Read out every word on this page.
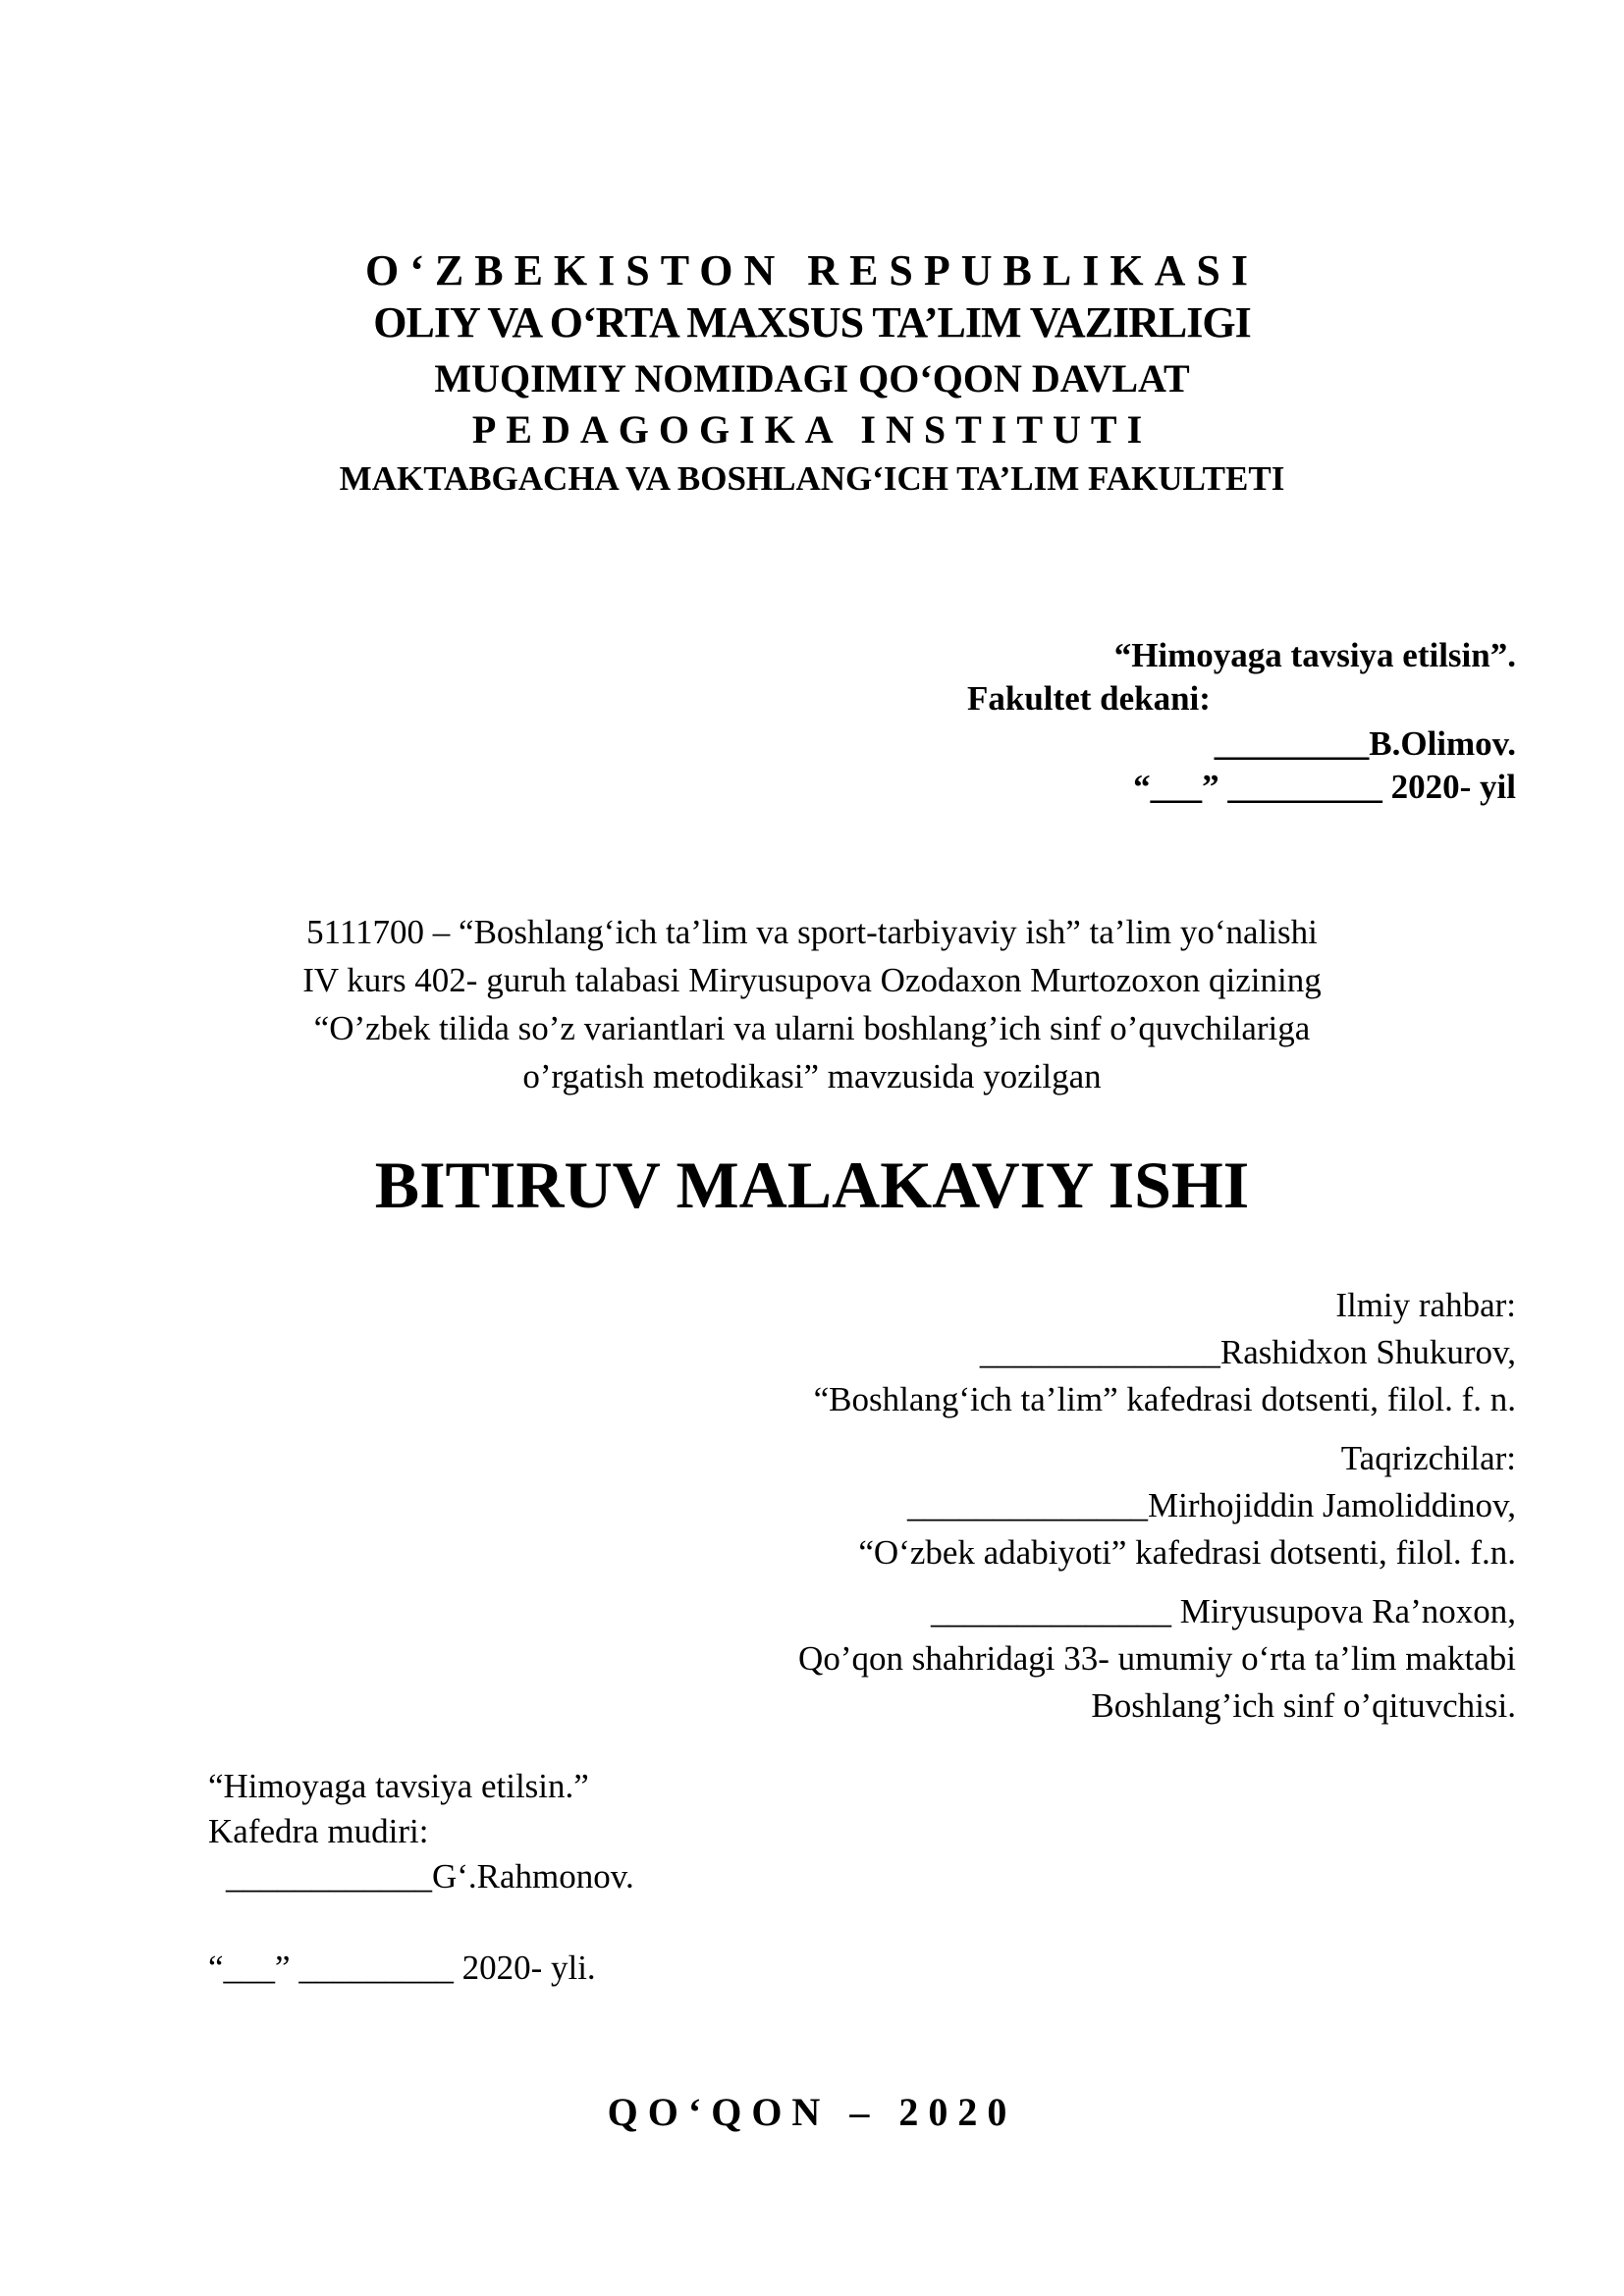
O‘ZBEKISTON RESPUBLIKASI
OLIY VA O‘RTA MAXSUS TA’LIM VAZIRLIGI
MUQIMIY NOMIDAGI QO‘QON DAVLAT
PEDAGOGIKA INSTITUTI
MAKTABGACHA VA BOSHLANG‘ICH TA’LIM FAKULTETI
“Himoyaga tavsiya etilsin”.
Fakultet dekani:
_________B.Olimov.
“___” _________ 2020- yil
5111700 – “Boshlang‘ich ta’lim va sport-tarbiyaviy ish” ta’lim yo‘nalishi
IV kurs 402- guruh talabasi Miryusupova Ozodaxon Murtozoxon qizining
“O’zbek tilida so’z variantlari va ularni boshlang’ich sinf o’quvchilariga
o’rgatish metodikasi” mavzusida yozilgan
BITIRUV MALAKAVIY ISHI
Ilmiy rahbar:
______________Rashidxon Shukurov,
“Boshlang‘ich ta’lim” kafedrasi dotsenti, filol. f. n.
Taqrizchilar:
______________Mirhojiddin Jamoliddinov,
“O‘zbek adabiyoti” kafedrasi dotsenti, filol. f.n.
______________ Miryusupova Ra’noxon,
Qo’qon shahridagi 33- umumiy o‘rta ta’lim maktabi
Boshlang’ich sinf o’qituvchisi.
“Himoyaga tavsiya etilsin.”
Kafedra mudiri:
____________G‘.Rahmonov.
“___” _________ 2020- yli.
QO‘QON – 2020
